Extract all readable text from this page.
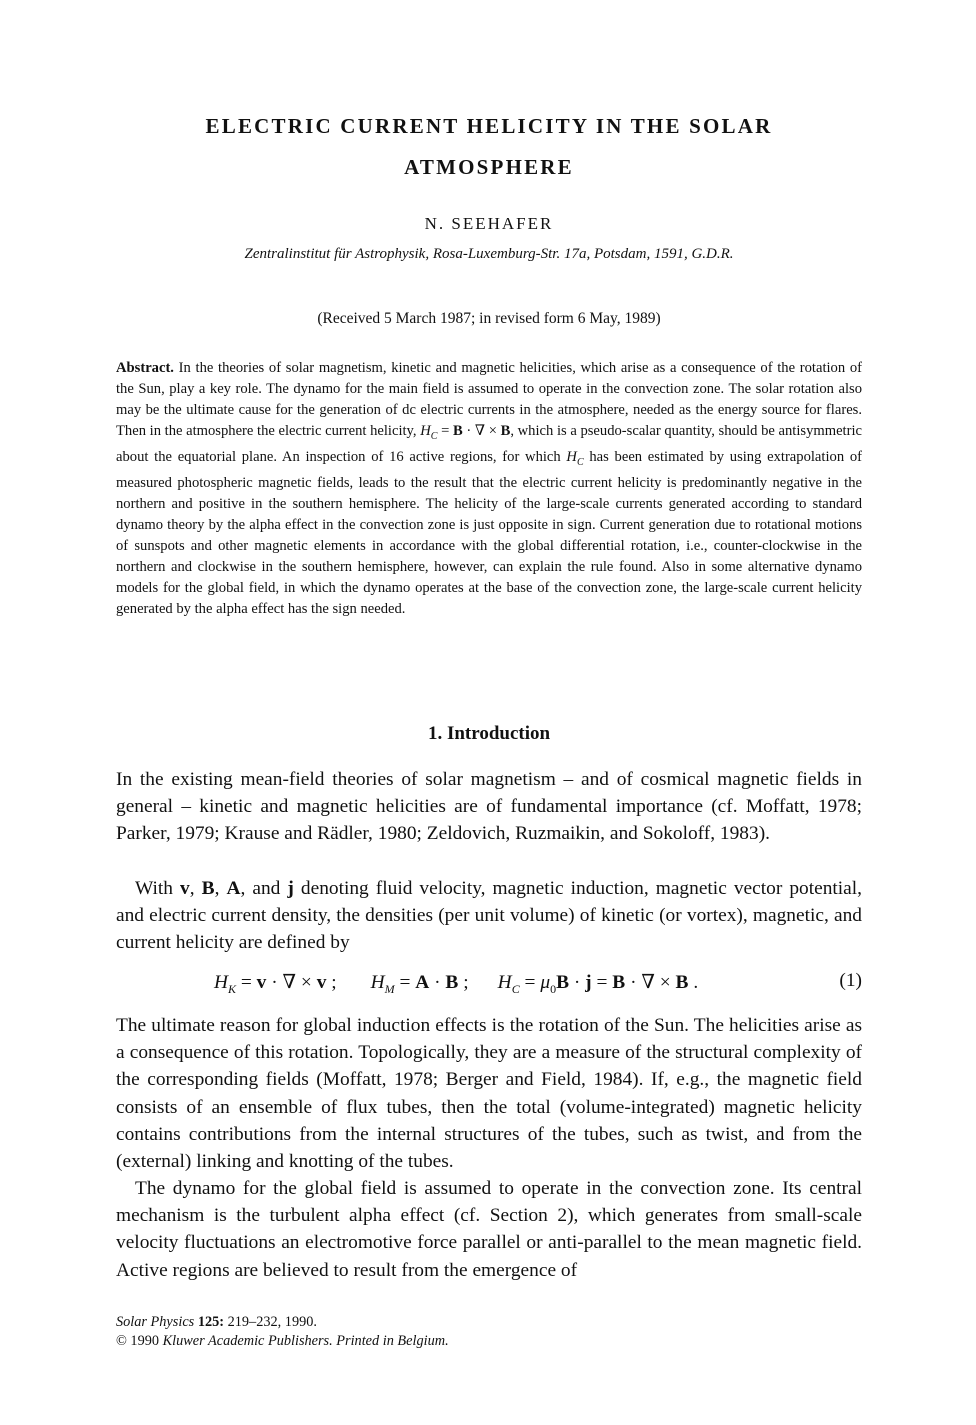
ELECTRIC CURRENT HELICITY IN THE SOLAR
ATMOSPHERE
N. SEEHAFER
Zentralinstitut für Astrophysik, Rosa-Luxemburg-Str. 17a, Potsdam, 1591, G.D.R.
(Received 5 March 1987; in revised form 6 May, 1989)
Abstract. In the theories of solar magnetism, kinetic and magnetic helicities, which arise as a consequence of the rotation of the Sun, play a key role. The dynamo for the main field is assumed to operate in the convection zone. The solar rotation also may be the ultimate cause for the generation of dc electric currents in the atmosphere, needed as the energy source for flares. Then in the atmosphere the electric current helicity, $H_C = B$ · ∇ × B, which is a pseudo-scalar quantity, should be antisymmetric about the equatorial plane. An inspection of 16 active regions, for which $H_C$ has been estimated by using extrapolation of measured photospheric magnetic fields, leads to the result that the electric current helicity is predominantly negative in the northern and positive in the southern hemisphere. The helicity of the large-scale currents generated according to standard dynamo theory by the alpha effect in the convection zone is just opposite in sign. Current generation due to rotational motions of sunspots and other magnetic elements in accordance with the global differential rotation, i.e., counter-clockwise in the northern and clockwise in the southern hemisphere, however, can explain the rule found. Also in some alternative dynamo models for the global field, in which the dynamo operates at the base of the convection zone, the large-scale current helicity generated by the alpha effect has the sign needed.
1. Introduction
In the existing mean-field theories of solar magnetism – and of cosmical magnetic fields in general – kinetic and magnetic helicities are of fundamental importance (cf. Moffatt, 1978; Parker, 1979; Krause and Rädler, 1980; Zeldovich, Ruzmaikin, and Sokoloff, 1983).
With v, B, A, and j denoting fluid velocity, magnetic induction, magnetic vector potential, and electric current density, the densities (per unit volume) of kinetic (or vortex), magnetic, and current helicity are defined by
$H_K = v$ · ∇ × v ;       $H_M = A \cdot B$ ;      $H_C = \mu_0B \cdot j = B$ · ∇ × B .	(1)
The ultimate reason for global induction effects is the rotation of the Sun. The helicities arise as a consequence of this rotation. Topologically, they are a measure of the structural complexity of the corresponding fields (Moffatt, 1978; Berger and Field, 1984). If, e.g., the magnetic field consists of an ensemble of flux tubes, then the total (volume-integrated) magnetic helicity contains contributions from the internal structures of the tubes, such as twist, and from the (external) linking and knotting of the tubes.
The dynamo for the global field is assumed to operate in the convection zone. Its central mechanism is the turbulent alpha effect (cf. Section 2), which generates from small-scale velocity fluctuations an electromotive force parallel or anti-parallel to the mean magnetic field. Active regions are believed to result from the emergence of
Solar Physics 125: 219–232, 1990.
© 1990 Kluwer Academic Publishers. Printed in Belgium.
